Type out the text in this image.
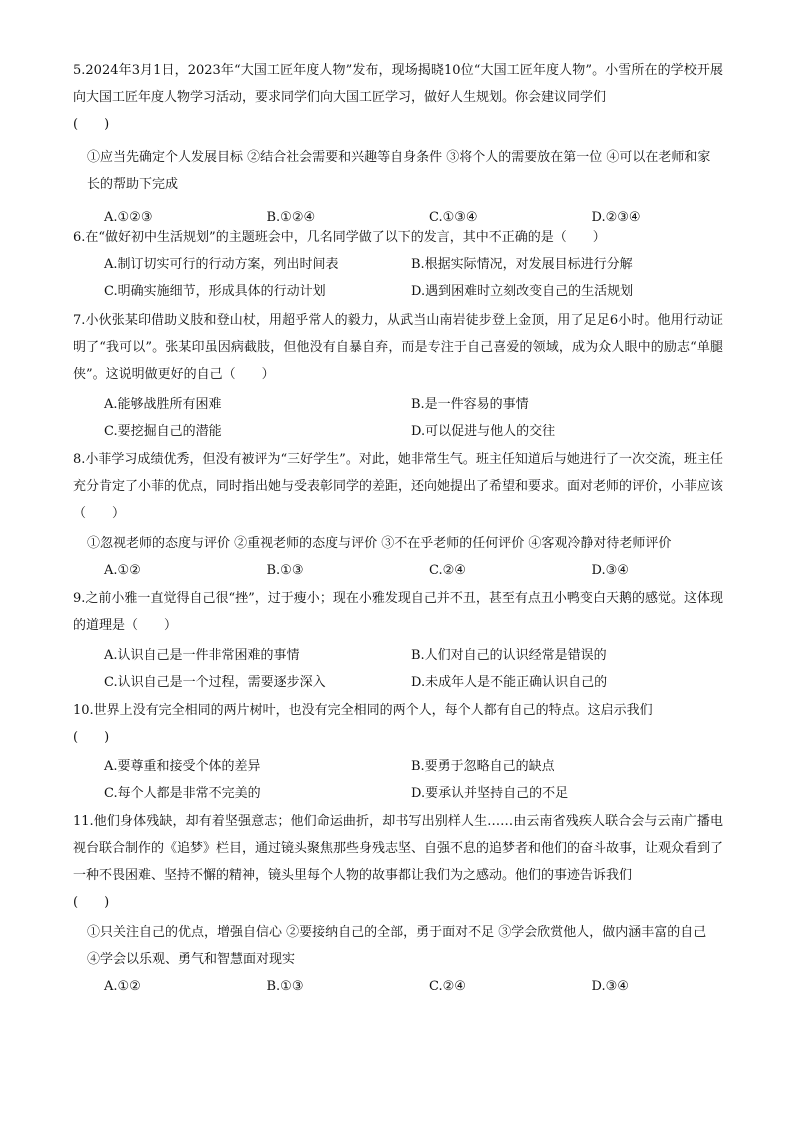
5.2024年3月1日，2023年“大国工匠年度人物”发布，现场揭晓10位“大国工匠年度人物”。小雪所在的学校开展向大国工匠年度人物学习活动，要求同学们向大国工匠学习，做好人生规划。你会建议同学们
(　　)
①应当先确定个人发展目标 ②结合社会需要和兴趣等自身条件 ③将个人的需要放在第一位 ④可以在老师和家长的帮助下完成
A.①②③	B.①②④	C.①③④	D.②③④
6.在“做好初中生活规划”的主题班会中，几名同学做了以下的发言，其中不正确的是（　　）
A.制订切实可行的行动方案，列出时间表	B.根据实际情况，对发展目标进行分解
C.明确实施细节，形成具体的行动计划	D.遇到困难时立刻改变自己的生活规划
7.小伙张某印借助义肢和登山杖，用超乎常人的毅力，从武当山南岩徒步登上金顶，用了足足6小时。他用行动证明了“我可以”。张某印虽因病截肢，但他没有自暴自弃，而是专注于自己喜爱的领域，成为众人眼中的励志“单腿侠”。这说明做更好的自己（　　）
A.能够战胜所有困难	B.是一件容易的事情
C.要挖掘自己的潜能	D.可以促进与他人的交往
8.小菲学习成绩优秀，但没有被评为“三好学生”。对此，她非常生气。班主任知道后与她进行了一次交流，班主任充分肯定了小菲的优点，同时指出她与受表彰同学的差距，还向她提出了希望和要求。面对老师的评价，小菲应该（　　）
①忽视老师的态度与评价 ②重视老师的态度与评价 ③不在乎老师的任何评价 ④客观冷静对待老师评价
A.①②	B.①③	C.②④	D.③④
9.之前小雅一直觉得自己很“挫”，过于瘦小；现在小雅发现自己并不丑，甚至有点丑小鸭变白天鹅的感觉。这体现的道理是（　　）
A.认识自己是一件非常困难的事情	B.人们对自己的认识经常是错误的
C.认识自己是一个过程，需要逐步深入	D.未成年人是不能正确认识自己的
10.世界上没有完全相同的两片树叶，也没有完全相同的两个人，每个人都有自己的特点。这启示我们
(　　)
A.要尊重和接受个体的差异	B.要勇于忽略自己的缺点
C.每个人都是非常不完美的	D.要承认并坚持自己的不足
11.他们身体残缺，却有着坚强意志；他们命运曲折，却书写出别样人生……由云南省残疾人联合会与云南广播电视台联合制作的《追梦》栏目，通过镜头聚焦那些身残志坚、自强不息的追梦者和他们的奋斗故事，让观众看到了一种不畏困难、坚持不懈的精神，镜头里每个人物的故事都让我们为之感动。他们的事迹告诉我们
(　　)
①只关注自己的优点，增强自信心 ②要接纳自己的全部，勇于面对不足 ③学会欣赏他人，做内涵丰富的自己 ④学会以乐观、勇气和智慧面对现实
A.①②	B.①③	C.②④	D.③④
